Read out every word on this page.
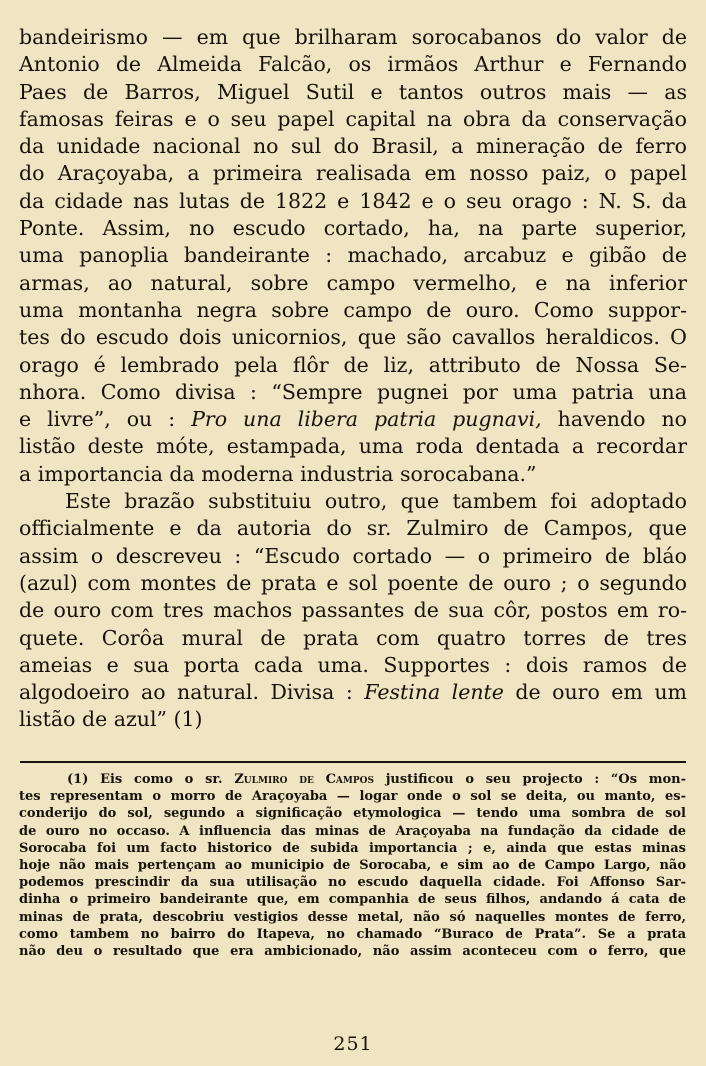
bandeirismo — em que brilharam sorocabanos do valor de
Antonio de Almeida Falcão, os irmãos Arthur e Fernando
Paes de Barros, Miguel Sutil e tantos outros mais — as
famosas feiras e o seu papel capital na obra da conservação
da unidade nacional no sul do Brasil, a mineração de ferro
do Araçoyaba, a primeira realisada em nosso paiz, o papel
da cidade nas lutas de 1822 e 1842 e o seu orago : N. S. da
Ponte. Assim, no escudo cortado, ha, na parte superior,
uma panoplia bandeirante : machado, arcabuz e gibão de
armas, ao natural, sobre campo vermelho, e na inferior
uma montanha negra sobre campo de ouro. Como suppor-
tes do escudo dois unicornios, que são cavallos heraldicos. O
orago é lembrado pela flôr de liz, attributo de Nossa Se-
nhora. Como divisa : “Sempre pugnei por uma patria una
e livre”, ou : Pro una libera patria pugnavi, havendo no
listão deste móte, estampada, uma roda dentada a recordar
a importancia da moderna industria sorocabana.”
Este brazão substituiu outro, que tambem foi adoptado
officialmente e da autoria do sr. Zulmiro de Campos, que
assim o descreveu : “Escudo cortado — o primeiro de bláo
(azul) com montes de prata e sol poente de ouro ; o segundo
de ouro com tres machos passantes de sua côr, postos em ro-
quete. Corôa mural de prata com quatro torres de tres
ameias e sua porta cada uma. Supportes : dois ramos de
algodoeiro ao natural. Divisa : Festina lente de ouro em um
listão de azul” (1)
(1) Eis como o sr. Zulmiro de Campos justificou o seu projecto : “Os mon-
tes representam o morro de Araçoyaba — logar onde o sol se deita, ou manto, es-
conderijo do sol, segundo a significação etymologica — tendo uma sombra de sol
de ouro no occaso. A influencia das minas de Araçoyaba na fundação da cidade de
Sorocaba foi um facto historico de subida importancia ; e, ainda que estas minas
hoje não mais pertençam ao municipio de Sorocaba, e sim ao de Campo Largo, não
podemos prescindir da sua utilisação no escudo daquella cidade. Foi Affonso Sar-
dinha o primeiro bandeirante que, em companhia de seus filhos, andando á cata de
minas de prata, descobriu vestigios desse metal, não só naquelles montes de ferro,
como tambem no bairro do Itapeva, no chamado “Buraco de Prata”. Se a prata
não deu o resultado que era ambicionado, não assim aconteceu com o ferro, que
251
